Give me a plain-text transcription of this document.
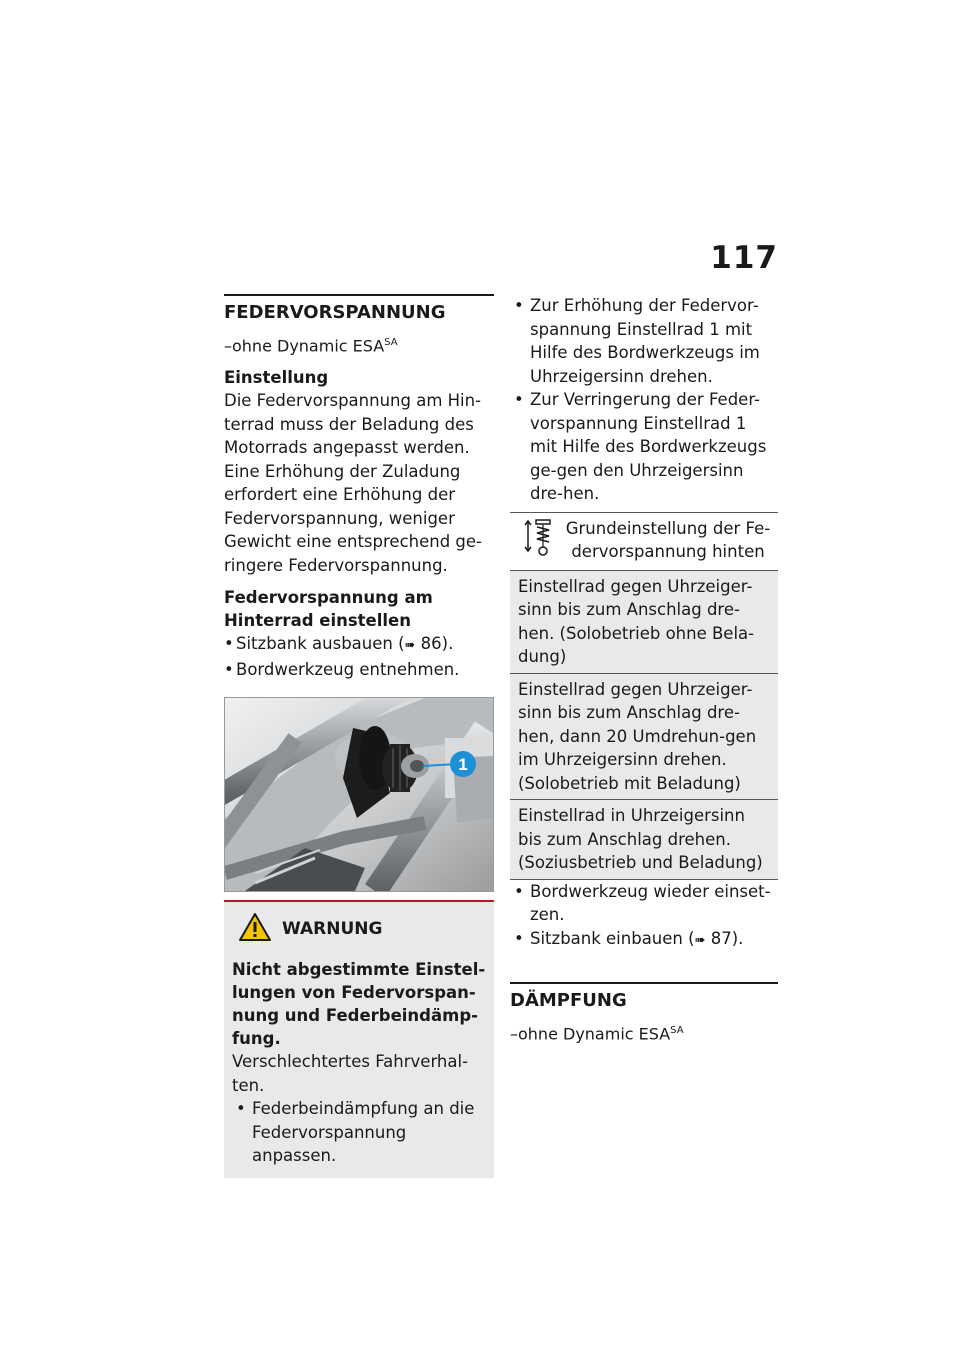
117
FEDERVORSPANNUNG
–ohne Dynamic $ESA^{SA}$
Einstellung
Die Federvorspannung am Hin-terrad muss der Beladung des Motorrads angepasst werden. Eine Erhöhung der Zuladung erfordert eine Erhöhung der Federvorspannung, weniger Gewicht eine entsprechend ge-ringere Federvorspannung.
Federvorspannung am Hinterrad einstellen
• Sitzbank ausbauen (➠ 86).
• Bordwerkzeug entnehmen.
1
WARNUNG
Nicht abgestimmte Einstel-lungen von Federvorspan-nung und Federbeindämp-fung.
Verschlechtertes Fahrverhal-ten.
• Federbeindämpfung an die Federvorspannung anpassen.
• Zur Erhöhung der Federvor-spannung Einstellrad 1 mit Hilfe des Bordwerkzeugs im Uhrzeigersinn drehen.
• Zur Verringerung der Feder-vorspannung Einstellrad 1 mit Hilfe des Bordwerkzeugs ge-gen den Uhrzeigersinn dre-hen.
Grundeinstellung der Fe-dervorspannung hinten
Einstellrad gegen Uhrzeiger-sinn bis zum Anschlag dre-hen. (Solobetrieb ohne Bela-dung)
Einstellrad gegen Uhrzeiger-sinn bis zum Anschlag dre-hen, dann 20 Umdrehun-gen im Uhrzeigersinn drehen. (Solobetrieb mit Beladung)
Einstellrad in Uhrzeigersinn bis zum Anschlag drehen. (Soziusbetrieb und Beladung)
• Bordwerkzeug wieder einset-zen.
• Sitzbank einbauen (➠ 87).
DÄMPFUNG
–ohne Dynamic $ESA^{SA}$
